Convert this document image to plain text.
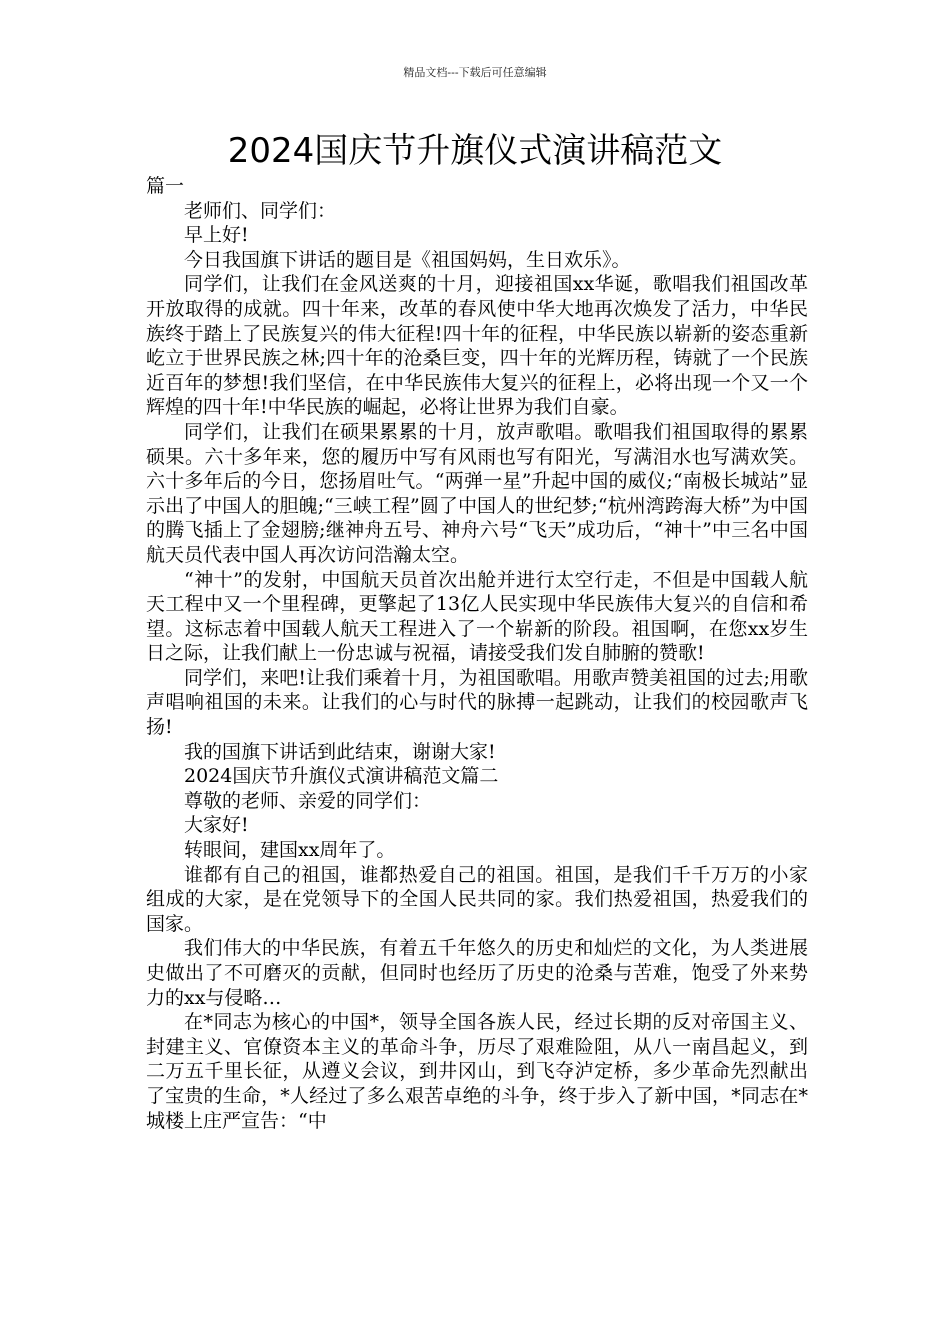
精品文档---下载后可任意编辑
2024国庆节升旗仪式演讲稿范文

篇一

老师们、同学们：

早上好!

今日我国旗下讲话的题目是《祖国妈妈，生日欢乐》。

同学们，让我们在金风送爽的十月，迎接祖国xx华诞，歌唱我们祖国改革开放取得的成就。四十年来，改革的春风使中华大地再次焕发了活力，中华民族终于踏上了民族复兴的伟大征程!四十年的征程，中华民族以崭新的姿态重新屹立于世界民族之林;四十年的沧桑巨变，四十年的光辉历程，铸就了一个民族近百年的梦想!我们坚信，在中华民族伟大复兴的征程上，必将出现一个又一个辉煌的四十年!中华民族的崛起，必将让世界为我们自豪。

同学们，让我们在硕果累累的十月，放声歌唱。歌唱我们祖国取得的累累硕果。六十多年来，您的履历中写有风雨也写有阳光，写满泪水也写满欢笑。六十多年后的今日，您扬眉吐气。“两弹一星”升起中国的威仪;“南极长城站”显示出了中国人的胆魄;“三峡工程”圆了中国人的世纪梦;“杭州湾跨海大桥”为中国的腾飞插上了金翅膀;继神舟五号、神舟六号“飞天”成功后，“神十”中三名中国航天员代表中国人再次访问浩瀚太空。

“神十”的发射，中国航天员首次出舱并进行太空行走，不但是中国载人航天工程中又一个里程碑，更擎起了13亿人民实现中华民族伟大复兴的自信和希望。这标志着中国载人航天工程进入了一个崭新的阶段。祖国啊，在您xx岁生日之际，让我们献上一份忠诚与祝福，请接受我们发自肺腑的赞歌!

同学们，来吧!让我们乘着十月，为祖国歌唱。用歌声赞美祖国的过去;用歌声唱响祖国的未来。让我们的心与时代的脉搏一起跳动，让我们的校园歌声飞扬!

我的国旗下讲话到此结束，谢谢大家!

2024国庆节升旗仪式演讲稿范文篇二

尊敬的老师、亲爱的同学们：

大家好!

转眼间，建国xx周年了。

谁都有自己的祖国，谁都热爱自己的祖国。祖国，是我们千千万万的小家组成的大家，是在党领导下的全国人民共同的家。我们热爱祖国，热爱我们的国家。

我们伟大的中华民族，有着五千年悠久的历史和灿烂的文化，为人类进展史做出了不可磨灭的贡献，但同时也经历了历史的沧桑与苦难，饱受了外来势力的xx与侵略…

在*同志为核心的中国*，领导全国各族人民，经过长期的反对帝国主义、封建主义、官僚资本主义的革命斗争，历尽了艰难险阻，从八一南昌起义，到二万五千里长征，从遵义会议，到井冈山，到飞夺泸定桥，多少革命先烈献出了宝贵的生命，*人经过了多么艰苦卓绝的斗争，终于步入了新中国，*同志在*城楼上庄严宣告：“中
